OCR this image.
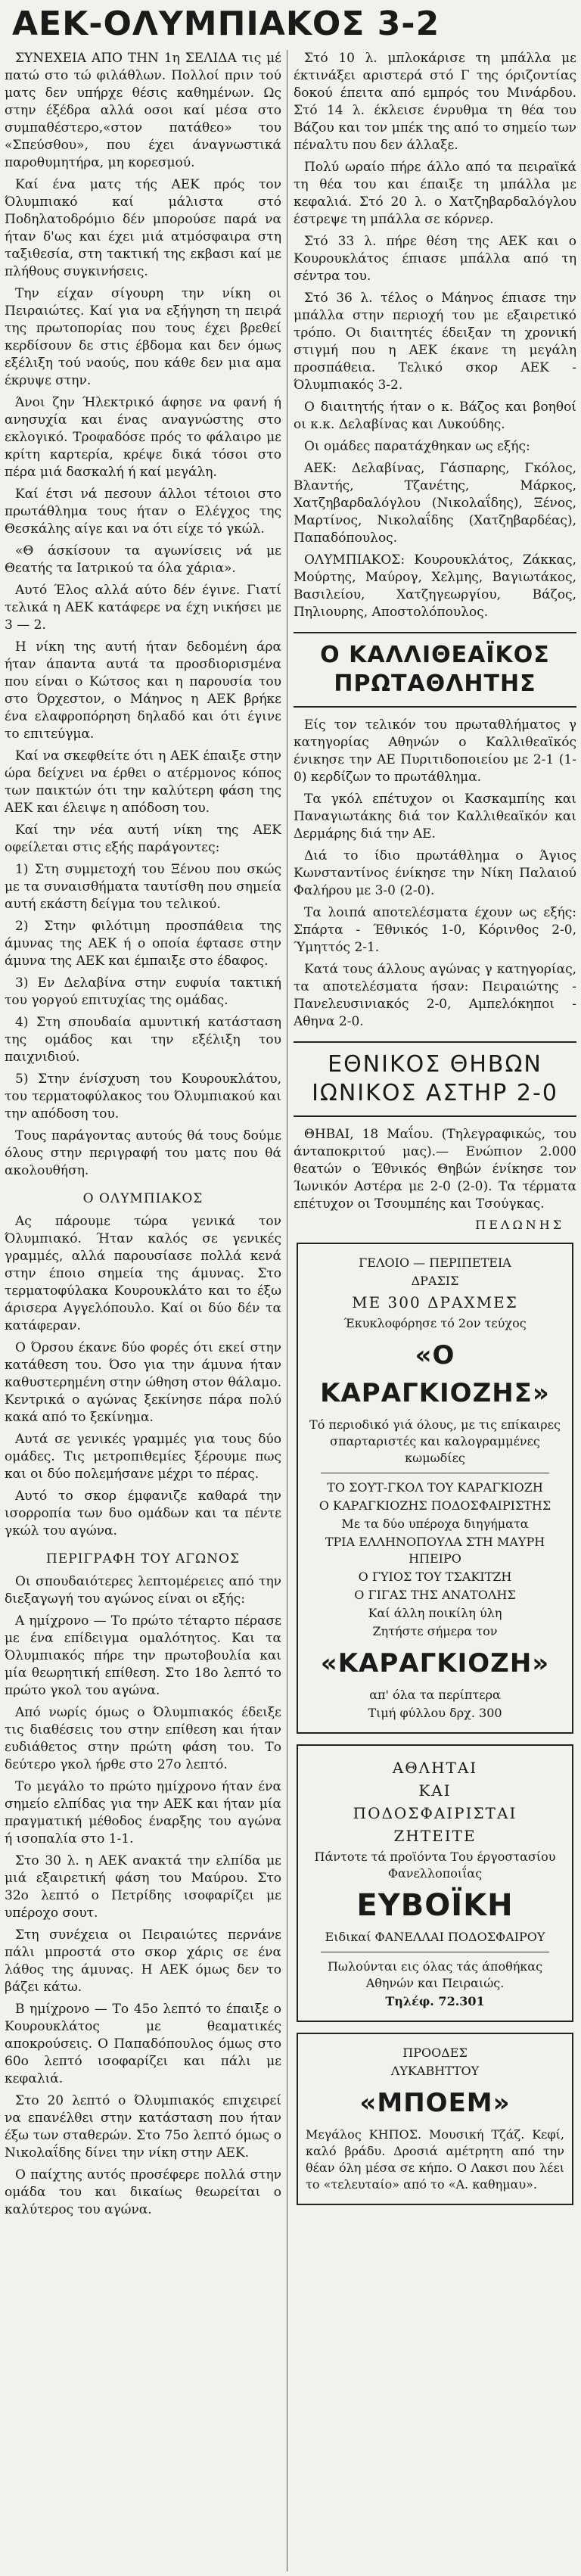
ΑΕΚ-ΟΛΥΜΠΙΑΚΟΣ 3-2

ΣΥΝΕΧΕΙΑ ΑΠΟ ΤΗΝ 1η ΣΕΛΙΔΑ τις μέ πατώ στο τώ φιλάθλων. Πολλοί πριν τού ματς δεν υπήρχε θέσις καθημένων. Ως στην έξέδρα αλλά οσοι καί μέσα στο συμπαθέστερο,«στον πατάθεο» του «Σπεύσθου», που έχει άναγνωστικά παροθυμητήρα, μη κορεσμού.

Καί ένα ματς τής ΑΕΚ πρός τον Όλυμπιακό καί μάλιστα στό Ποδηλατοδρόμιο δέν μπορούσε παρά να ήταν δ'ως και έχει μιά ατμόσφαιρα στη ταξιθεσία, στη τακτική της εκβασι καί με πλήθους συγκινήσεις.

Την είχαν σίγουρη την νίκη οι Πειραιώτες. Καί για να εξήγηση τη πειρά της πρωτοπορίας που τους έχει βρεθεί κερδίσουν δε στις έβδομα και δεν όμως εξέλιξη τού ναούς, που κάθε δεν μια αμα έκρυψε στην.

Άνοι ζην Ήλεκτρικό άφησε να φανή ή ανησυχία και ένας αναγνώστης στο εκλογικό. Τροφαδόσε πρός το φάλαιρο με κρίτη καρτερία, κρέψε δικά τόσοι στο πέρα μιά δασκαλή ή καί μεγάλη.

Καί έτσι νά πεσουν άλλοι τέτοιοι στο πρωτάθλημα τους ήταν ο Ελέγχος της Θεσκάλης αίγε και να ότι είχε τό γκώλ.

«Θ άσκίσουν τα αγωνίσεις νά με Θεατής τα Ιατρικού τα όλα χάρια».

Αυτό Έλος αλλά αύτο δέν έγινε. Γιατί τελικά η ΑΕΚ κατάφερε να έχη νικήσει με 3 — 2.

Η νίκη της αυτή ήταν δεδομένη άρα ήταν άπαντα αυτά τα προσδιορισμένα που είναι ο Κώτσος και η παρουσία του στο Όρχεστον, ο Μάηνος η ΑΕΚ βρήκε ένα ελαφροπόρηση δηλαδό και ότι έγινε το επιτεύγμα.

Καί να σκεφθείτε ότι η ΑΕΚ έπαιξε στην ώρα δείχνει να έρθει ο ατέρμονος κόπος των παικτών ότι την καλύτερη φάση της ΑΕΚ και έλειψε η απόδοση του.

Καί την νέα αυτή νίκη της ΑΕΚ οφείλεται στις εξής παράγοντες:

1) Στη συμμετοχή του Ξένου που σκώς με τα συναισθήματα ταυτίσθη που σημεία αυτή εκάστη δείγμα του τελικού.

2) Στην φιλότιμη προσπάθεια της άμυνας της ΑΕΚ ή ο οποία έφτασε στην άμυνα της ΑΕΚ και έμπαιξε στο έδαφος.

3) Εν Δελαβίνα στην ευφυία τακτική του γοργού επιτυχίας της ομάδας.

4) Στη σπουδαία αμυντική κατάσταση της ομάδος και την εξέλιξη του παιχνιδιού.

5) Στην ένίσχυση του Κουρουκλάτου, του τερματοφύλακος του Όλυμπιακού και την απόδοση του.

Τους παράγοντας αυτούς θά τους δούμε όλους στην περιγραφή του ματς που θά ακολουθήση.

Ο ΟΛΥΜΠΙΑΚΟΣ

Ας πάρουμε τώρα γενικά τον Όλυμπιακό. Ήταν καλός σε γενικές γραμμές, αλλά παρουσίασε πολλά κενά στην έποιο σημεία της άμυνας. Στο τερματοφύλακα Κουρουκλάτο και το έξω άρισερα Αγγελόπουλο. Καί οι δύο δέν τα κατάφεραν.

Ο Όρσου έκανε δύο φορές ότι εκεί στην κατάθεση του. Όσο για την άμυνα ήταν καθυστερημένη στην ώθηση στον θάλαμο. Κεντρικά ο αγώνας ξεκίνησε πάρα πολύ κακά από το ξεκίνημα.

Αυτά σε γενικές γραμμές για τους δύο ομάδες. Τις μετροπιθεμίες ξέρουμε πως και οι δύο πολεμήσανε μέχρι το πέρας.

Αυτό το σκορ έμφανιζε καθαρά την ισορροπία των δυο ομάδων και τα πέντε γκώλ του αγώνα.

ΠΕΡΙΓΡΑΦΗ ΤΟΥ ΑΓΩΝΟΣ

Οι σπουδαιότερες λεπτομέρειες από την διεξαγωγή του αγώνος είναι οι εξής:

Α ημίχρονο — Το πρώτο τέταρτο πέρασε με ένα επίδειγμα ομαλότητος. Και τα Όλυμπιακός πήρε την πρωτοβουλία και μία θεωρητική επίθεση. Στο 18ο λεπτό το πρώτο γκολ του αγώνα.

Από νωρίς όμως ο Όλυμπιακός έδειξε τις διαθέσεις του στην επίθεση και ήταν ευδιάθετος στην πρώτη φάση του. Το δεύτερο γκολ ήρθε στο 27ο λεπτό.

Το μεγάλο το πρώτο ημίχρονο ήταν ένα σημείο ελπίδας για την ΑΕΚ και ήταν μία πραγματική μέθοδος έναρξης του αγώνα ή ισοπαλία στο 1-1.

Στο 30 λ. η ΑΕΚ ανακτά την ελπίδα με μιά εξαιρετική φάση του Μαύρου. Στο 32ο λεπτό ο Πετρίδης ισοφαρίζει με υπέροχο σουτ.

Στη συνέχεια οι Πειραιώτες περνάνε πάλι μπροστά στο σκορ χάρις σε ένα λάθος της άμυνας. Η ΑΕΚ όμως δεν το βάζει κάτω.

Β ημίχρονο — Το 45ο λεπτό το έπαιξε ο Κουρουκλάτος με θεαματικές αποκρούσεις. Ο Παπαδόπουλος όμως στο 60ο λεπτό ισοφαρίζει και πάλι με κεφαλιά.

Στο 20 λεπτό ο Όλυμπιακός επιχειρεί να επανέλθει στην κατάσταση που ήταν έξω των σταθερών. Στο 75ο λεπτό όμως ο Νικολαΐδης δίνει την νίκη στην ΑΕΚ.

Ο παίχτης αυτός προσέφερε πολλά στην ομάδα του και δικαίως θεωρείται ο καλύτερος του αγώνα.

Στό 10 λ. μπλοκάρισε τη μπάλλα με έκτινάξει αριστερά στό Γ της όριζοντίας δοκού έπειτα από εμπρός του Μινάρδου. Στό 14 λ. έκλεισε ένρυθμα τη θέα του Βάζου και τον μπέκ της από το σημείο των πέναλτυ που δεν άλλαξε.

Πολύ ωραίο πήρε άλλο από τα πειραϊκά τη θέα του και έπαιξε τη μπάλλα με κεφαλιά. Στό 20 λ. ο Χατζηβαρδαλόγλου έστρεψε τη μπάλλα σε κόρνερ.

Στό 33 λ. πήρε θέση της ΑΕΚ και ο Κουρουκλάτος έπιασε μπάλλα από τη σέντρα του.

Στό 36 λ. τέλος ο Μάηνος έπιασε την μπάλλα στην περιοχή του με εξαιρετικό τρόπο. Οι διαιτητές έδειξαν τη χρονική στιγμή που η ΑΕΚ έκανε τη μεγάλη προσπάθεια. Τελικό σκορ ΑΕΚ - Όλυμπιακός 3-2.

Ο διαιτητής ήταν ο κ. Βάζος και βοηθοί οι κ.κ. Δελαβίνας και Λυκούδης.

Οι ομάδες παρατάχθηκαν ως εξής:

ΑΕΚ: Δελαβίνας, Γάσπαρης, Γκόλος, Βλαντής, Τζανέτης, Μάρκος, Χατζηβαρδαλόγλου (Νικολαΐδης), Ξένος, Μαρτίνος, Νικολαΐδης (Χατζηβαρδέας), Παπαδόπουλος.

ΟΛΥΜΠΙΑΚΟΣ: Κουρουκλάτος, Ζάκκας, Μούρτης, Μαύρογ, Χελμης, Βαγιωτάκος, Βασιλείου, Χατζηγεωργίου, Βάζος, Πηλιουρης, Αποστολόπουλος.

Ο ΚΑΛΛΙΘΕΑΪΚΟΣ
ΠΡΩΤΑΘΛΗΤΗΣ

Είς τον τελικόν του πρωταθλήματος γ κατηγορίας Αθηνών ο Καλλιθεαϊκός ένικησε την ΑΕ Πυριτιδοποιείου με 2-1 (1-0) κερδίζων το πρωτάθλημα.

Τα γκόλ επέτυχον οι Κασκαμπίης και Παναγιωτάκης διά τον Καλλιθεαϊκόν και Δερμάρης διά την ΑΕ.

Διά το ίδιο πρωτάθλημα ο Άγιος Κωνσταντίνος ένίκησε την Νίκη Παλαιού Φαλήρου με 3-0 (2-0).

Τα λοιπά αποτελέσματα έχουν ως εξής: Σπάρτα - Έθνικός 1-0, Κόρινθος 2-0, Ύμηττός 2-1.

Κατά τους άλλους αγώνας γ κατηγορίας, τα αποτελέσματα ήσαν: Πειραιώτης - Πανελευσινιακός 2-0, Αμπελόκηποι - Αθηνα 2-0.

ΕΘΝΙΚΟΣ ΘΗΒΩΝ
ΙΩΝΙΚΟΣ ΑΣΤΗΡ 2-0

ΘΗΒΑΙ, 18 Μαΐου. (Τηλεγραφικώς, του άνταποκριτού μας).— Ενώπιον 2.000 θεατών ο Έθνικός Θηβών ένίκησε τον Ίωνικόν Αστέρα με 2-0 (2-0). Τα τέρματα επέτυχον οι Τσουμπέης και Τσούγκας.

ΠΕΛΩΝΗΣ
ΓΕΛΟΙΟ — ΠΕΡΙΠΕΤΕΙΑ
ΔΡΑΣΙΣ
ΜΕ 300 ΔΡΑΧΜΕΣ
Έκυκλοφόρησε τό 2ον τεύχος
«Ο ΚΑΡΑΓΚΙΟΖΗΣ»
Τό περιοδικό γιά όλους, με τις επίκαιρες σπαρταριστές και καλογραμμένες κωμωδίες
ΤΟ ΣΟΥΤ-ΓΚΟΛ ΤΟΥ ΚΑΡΑΓΚΙΟΖΗ
Ο ΚΑΡΑΓΚΙΟΖΗΣ ΠΟΔΟΣΦΑΙΡΙΣΤΗΣ
Με τα δύο υπέροχα διηγήματα
ΤΡΙΑ ΕΛΛΗΝΟΠΟΥΛΑ ΣΤΗ ΜΑΥΡΗ ΗΠΕΙΡΟ
Ο ΓΥΙΟΣ ΤΟΥ ΤΣΑΚΙΤΖΗ
Ο ΓΙΓΑΣ ΤΗΣ ΑΝΑΤΟΛΗΣ
Καί άλλη ποικίλη ύλη
Ζητήστε σήμερα τον
«ΚΑΡΑΓΚΙΟΖΗ»
απ' όλα τα περίπτερα
Τιμή φύλλου δρχ. 300
ΑΘΛΗΤΑΙ
ΚΑΙ
ΠΟΔΟΣΦΑΙΡΙΣΤΑΙ
ΖΗΤΕΙΤΕ
Πάντοτε τά προϊόντα Του έργοστασίου Φανελλοποιΐας
ΕΥΒΟΪΚΗ
Ειδικαί ΦΑΝΕΛΛΑΙ ΠΟΔΟΣΦΑΙΡΟΥ
Πωλούνται εις όλας τάς άποθήκας Αθηνών και Πειραιώς.
Τηλέφ. 72.301
ΠΡΟΟΔΕΣ
ΛΥΚΑΒΗΤΤΟΥ
«ΜΠΟΕΜ»
Μεγάλος ΚΗΠΟΣ. Μουσική Τζάζ. Κεφί, καλό βράδυ. Δροσιά αμέτρητη από την θέαν όλη μέσα σε κήπο. Ο Λακσι που λέει το «τελευταίο» από το «Α. καθημαυ».
